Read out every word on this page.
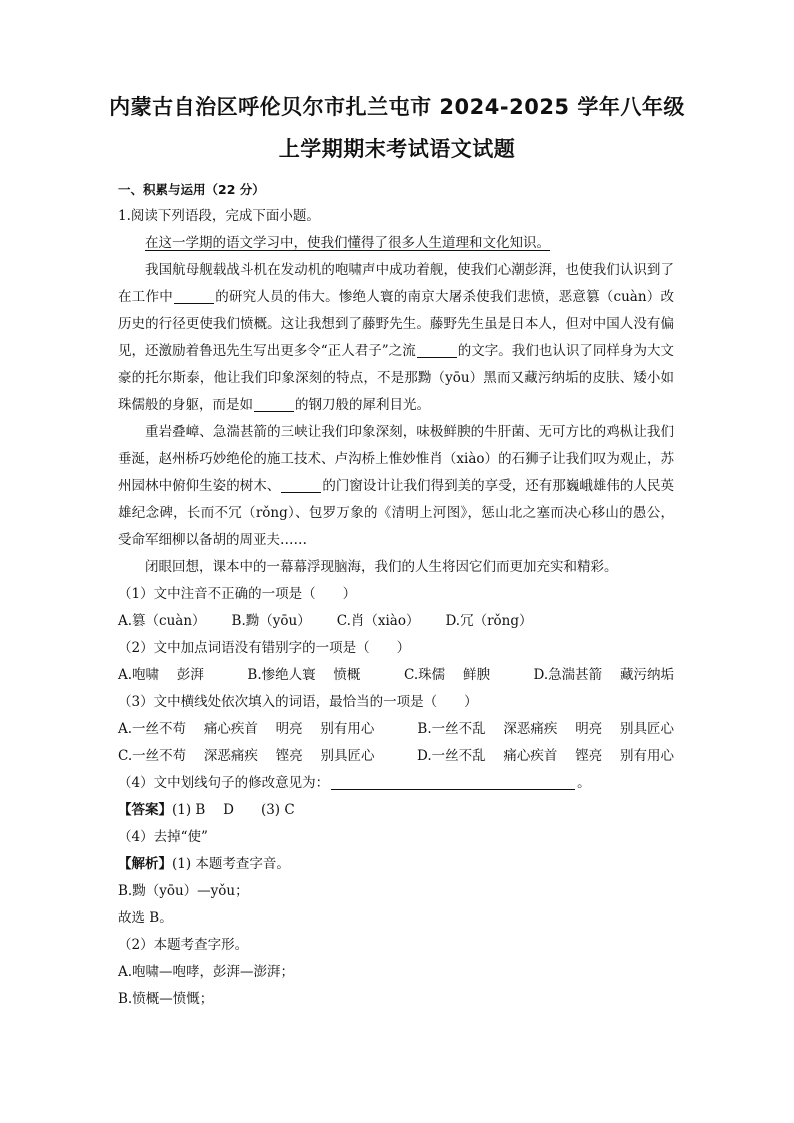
内蒙古自治区呼伦贝尔市扎兰屯市 2024-2025 学年八年级
上学期期末考试语文试题

一、积累与运用（22 分）

1.阅读下列语段，完成下面小题。

在这一学期的语文学习中，使我们懂得了很多人生道理和文化知识。

我国航母舰载战斗机在发动机的咆啸声中成功着舰，使我们心潮彭湃，也使我们认识到了在工作中	的研究人员的伟大。惨绝人寰的南京大屠杀使我们悲愤，恶意篡（cuàn）改历史的行径更使我们愤概。这让我想到了藤野先生。藤野先生虽是日本人，但对中国人没有偏见，还激励着鲁迅先生写出更多令“正人君子”之流	的文字。我们也认识了同样身为大文豪的托尔斯泰，他让我们印象深刻的特点，不是那黝（yōu）黑而又藏污纳垢的皮肤、矮小如珠儒般的身躯，而是如	的钢刀般的犀利目光。

重岩叠嶂、急湍甚箭的三峡让我们印象深刻，味极鲜腴的牛肝菌、无可方比的鸡枞让我们垂涎，赵州桥巧妙绝伦的施工技术、卢沟桥上惟妙惟肖（xiào）的石狮子让我们叹为观止，苏州园林中俯仰生姿的树木、	的门窗设计让我们得到美的享受，还有那巍峨雄伟的人民英雄纪念碑，长而不冗（rǒng）、包罗万象的《清明上河图》，惩山北之塞而决心移山的愚公，受命军细柳以备胡的周亚夫……

闭眼回想，课本中的一幕幕浮现脑海，我们的人生将因它们而更加充实和精彩。

（1）文中注音不正确的一项是（　　）

A.篡（cuàn） B.黝（yōu） C.肖（xiào） D.冗（rǒng）

（2）文中加点词语没有错别字的一项是（　　）

A.咆啸　 彭湃	B.惨绝人寰　 愤概	C.珠儒　 鲜腴	D.急湍甚箭　 藏污纳垢

（3）文中横线处依次填入的词语，最恰当的一项是（　　）

A.一丝不苟　 痛心疾首　 明亮　 别有用心	B.一丝不乱　 深恶痛疾　 明亮　 别具匠心
C.一丝不苟　 深恶痛疾　 铿亮　 别具匠心	D.一丝不乱　 痛心疾首　 铿亮　 别有用心

（4）文中划线句子的修改意见为：	。

【答案】(1) B　 D　　(3) C

（4）去掉“使”

【解析】(1) 本题考查字音。

B.黝（yōu）—yǒu；

故选 B。

（2）本题考查字形。

A.咆啸—咆哮，彭湃—澎湃；

B.愤概—愤慨；
